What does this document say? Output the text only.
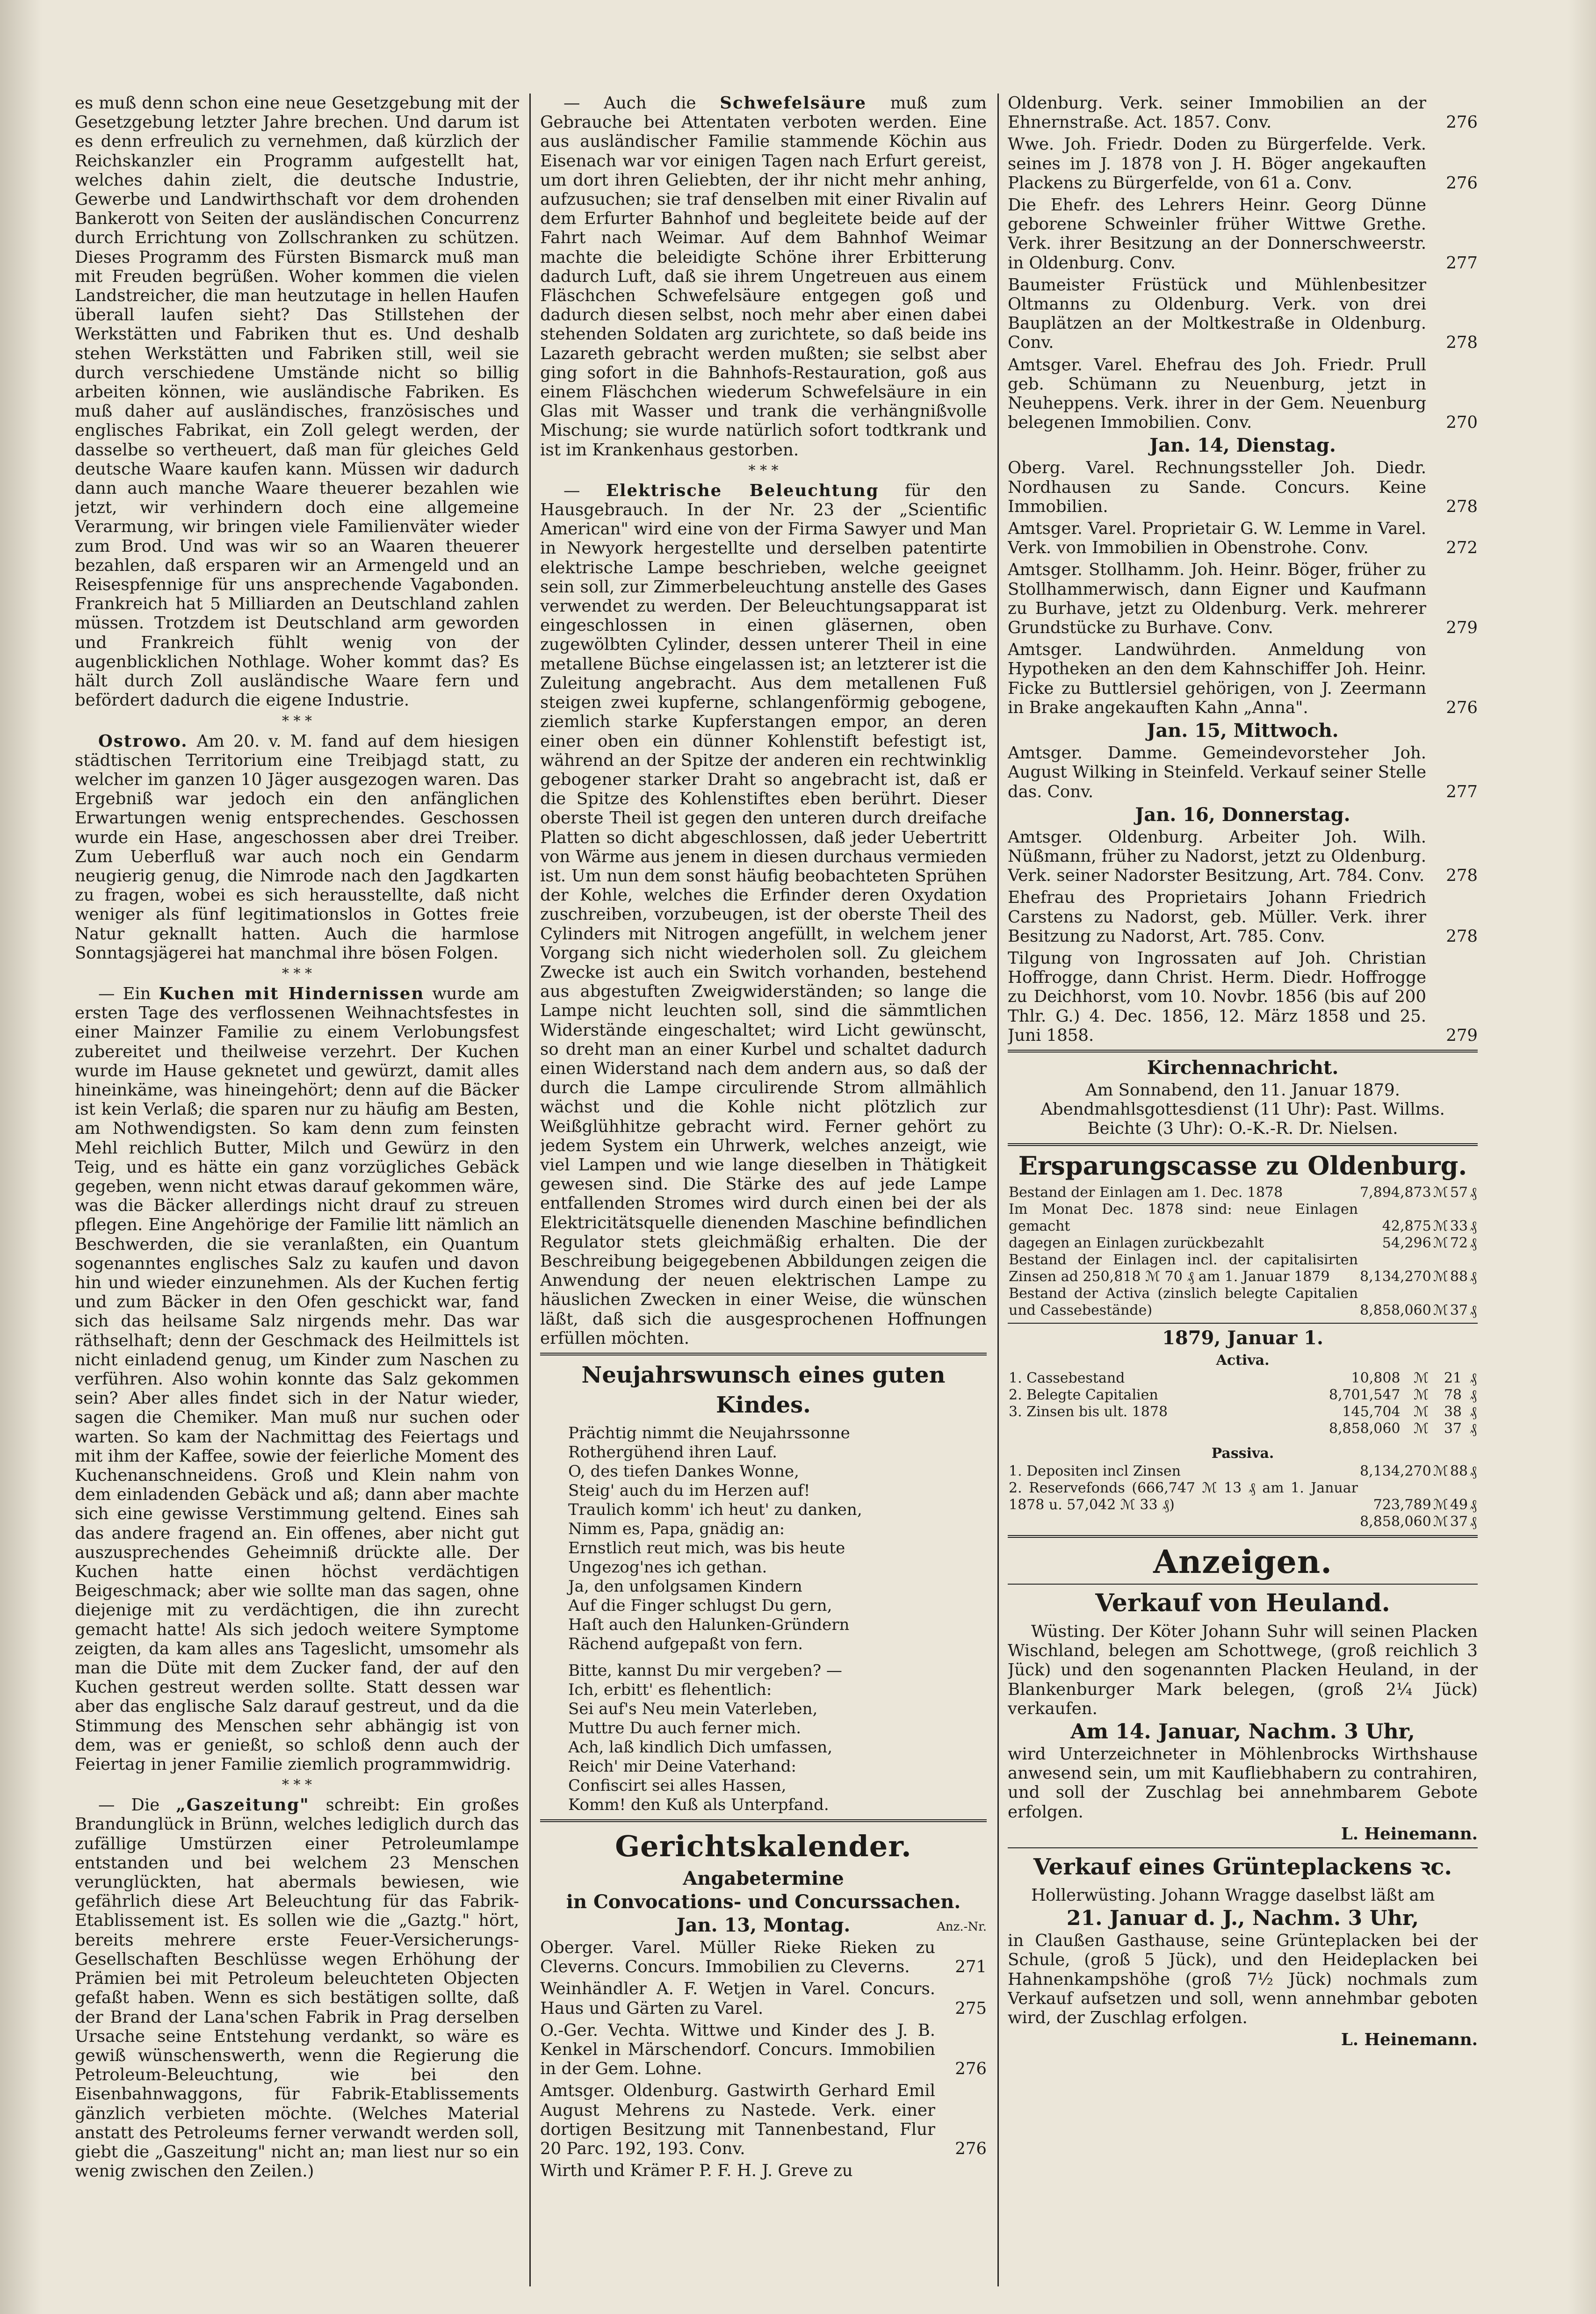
es muß denn schon eine neue Gesetzgebung mit der Gesetzgebung letzter Jahre brechen. Und darum ist es denn erfreulich zu vernehmen, daß kürzlich der Reichskanzler ein Programm aufgestellt hat, welches dahin zielt, die deutsche Industrie, Gewerbe und Landwirthschaft vor dem drohenden Bankerott von Seiten der ausländischen Concurrenz durch Errichtung von Zollschranken zu schützen. Dieses Programm des Fürsten Bismarck muß man mit Freuden begrüßen. Woher kommen die vielen Landstreicher, die man heutzutage in hellen Haufen überall laufen sieht? Das Stillstehen der Werkstätten und Fabriken thut es. Und deshalb stehen Werkstätten und Fabriken still, weil sie durch verschiedene Umstände nicht so billig arbeiten können, wie ausländische Fabriken. Es muß daher auf ausländisches, französisches und englisches Fabrikat, ein Zoll gelegt werden, der dasselbe so vertheuert, daß man für gleiches Geld deutsche Waare kaufen kann. Müssen wir dadurch dann auch manche Waare theuerer bezahlen wie jetzt, wir verhindern doch eine allgemeine Verarmung, wir bringen viele Familienväter wieder zum Brod. Und was wir so an Waaren theuerer bezahlen, daß ersparen wir an Armengeld und an Reisespfennige für uns ansprechende Vagabonden. Frankreich hat 5 Milliarden an Deutschland zahlen müssen. Trotzdem ist Deutschland arm geworden und Frankreich fühlt wenig von der augenblicklichen Nothlage. Woher kommt das? Es hält durch Zoll ausländische Waare fern und befördert dadurch die eigene Industrie.

* * *

Ostrowo. Am 20. v. M. fand auf dem hiesigen städtischen Territorium eine Treibjagd statt, zu welcher im ganzen 10 Jäger ausgezogen waren. Das Ergebniß war jedoch ein den anfänglichen Erwartungen wenig entsprechendes. Geschossen wurde ein Hase, angeschossen aber drei Treiber. Zum Ueberfluß war auch noch ein Gendarm neugierig genug, die Nimrode nach den Jagdkarten zu fragen, wobei es sich herausstellte, daß nicht weniger als fünf legitimationslos in Gottes freie Natur geknallt hatten. Auch die harmlose Sonntagsjägerei hat manchmal ihre bösen Folgen.

* * *

— Ein Kuchen mit Hindernissen wurde am ersten Tage des verflossenen Weihnachtsfestes in einer Mainzer Familie zu einem Verlobungsfest zubereitet und theilweise verzehrt. Der Kuchen wurde im Hause geknetet und gewürzt, damit alles hineinkäme, was hineingehört; denn auf die Bäcker ist kein Verlaß; die sparen nur zu häufig am Besten, am Nothwendigsten. So kam denn zum feinsten Mehl reichlich Butter, Milch und Gewürz in den Teig, und es hätte ein ganz vorzügliches Gebäck gegeben, wenn nicht etwas darauf gekommen wäre, was die Bäcker allerdings nicht drauf zu streuen pflegen. Eine Angehörige der Familie litt nämlich an Beschwerden, die sie veranlaßten, ein Quantum sogenanntes englisches Salz zu kaufen und davon hin und wieder einzunehmen. Als der Kuchen fertig und zum Bäcker in den Ofen geschickt war, fand sich das heilsame Salz nirgends mehr. Das war räthselhaft; denn der Geschmack des Heilmittels ist nicht einladend genug, um Kinder zum Naschen zu verführen. Also wohin konnte das Salz gekommen sein? Aber alles findet sich in der Natur wieder, sagen die Chemiker. Man muß nur suchen oder warten. So kam der Nachmittag des Feiertags und mit ihm der Kaffee, sowie der feierliche Moment des Kuchenanschneidens. Groß und Klein nahm von dem einladenden Gebäck und aß; dann aber machte sich eine gewisse Verstimmung geltend. Eines sah das andere fragend an. Ein offenes, aber nicht gut auszusprechendes Geheimniß drückte alle. Der Kuchen hatte einen höchst verdächtigen Beigeschmack; aber wie sollte man das sagen, ohne diejenige mit zu verdächtigen, die ihn zurecht gemacht hatte! Als sich jedoch weitere Symptome zeigten, da kam alles ans Tageslicht, umsomehr als man die Düte mit dem Zucker fand, der auf den Kuchen gestreut werden sollte. Statt dessen war aber das englische Salz darauf gestreut, und da die Stimmung des Menschen sehr abhängig ist von dem, was er genießt, so schloß denn auch der Feiertag in jener Familie ziemlich programmwidrig.

* * *

— Die „Gaszeitung" schreibt: Ein großes Brandunglück in Brünn, welches lediglich durch das zufällige Umstürzen einer Petroleumlampe entstanden und bei welchem 23 Menschen verunglückten, hat abermals bewiesen, wie gefährlich diese Art Beleuchtung für das Fabrik-Etablissement ist. Es sollen wie die „Gaztg." hört, bereits mehrere erste Feuer-Versicherungs-Gesellschaften Beschlüsse wegen Erhöhung der Prämien bei mit Petroleum beleuchteten Objecten gefaßt haben. Wenn es sich bestätigen sollte, daß der Brand der Lana'schen Fabrik in Prag derselben Ursache seine Entstehung verdankt, so wäre es gewiß wünschenswerth, wenn die Regierung die Petroleum-Beleuchtung, wie bei den Eisenbahnwaggons, für Fabrik-Etablissements gänzlich verbieten möchte. (Welches Material anstatt des Petroleums ferner verwandt werden soll, giebt die „Gaszeitung" nicht an; man liest nur so ein wenig zwischen den Zeilen.)

— Auch die Schwefelsäure muß zum Gebrauche bei Attentaten verboten werden. Eine aus ausländischer Familie stammende Köchin aus Eisenach war vor einigen Tagen nach Erfurt gereist, um dort ihren Geliebten, der ihr nicht mehr anhing, aufzusuchen; sie traf denselben mit einer Rivalin auf dem Erfurter Bahnhof und begleitete beide auf der Fahrt nach Weimar. Auf dem Bahnhof Weimar machte die beleidigte Schöne ihrer Erbitterung dadurch Luft, daß sie ihrem Ungetreuen aus einem Fläschchen Schwefelsäure entgegen goß und dadurch diesen selbst, noch mehr aber einen dabei stehenden Soldaten arg zurichtete, so daß beide ins Lazareth gebracht werden mußten; sie selbst aber ging sofort in die Bahnhofs-Restauration, goß aus einem Fläschchen wiederum Schwefelsäure in ein Glas mit Wasser und trank die verhängnißvolle Mischung; sie wurde natürlich sofort todtkrank und ist im Krankenhaus gestorben.

* * *

— Elektrische Beleuchtung für den Hausgebrauch. In der Nr. 23 der „Scientific American" wird eine von der Firma Sawyer und Man in Newyork hergestellte und derselben patentirte elektrische Lampe beschrieben, welche geeignet sein soll, zur Zimmerbeleuchtung anstelle des Gases verwendet zu werden. Der Beleuchtungsapparat ist eingeschlossen in einen gläsernen, oben zugewölbten Cylinder, dessen unterer Theil in eine metallene Büchse eingelassen ist; an letzterer ist die Zuleitung angebracht. Aus dem metallenen Fuß steigen zwei kupferne, schlangenförmig gebogene, ziemlich starke Kupferstangen empor, an deren einer oben ein dünner Kohlenstift befestigt ist, während an der Spitze der anderen ein rechtwinklig gebogener starker Draht so angebracht ist, daß er die Spitze des Kohlenstiftes eben berührt. Dieser oberste Theil ist gegen den unteren durch dreifache Platten so dicht abgeschlossen, daß jeder Uebertritt von Wärme aus jenem in diesen durchaus vermieden ist. Um nun dem sonst häufig beobachteten Sprühen der Kohle, welches die Erfinder deren Oxydation zuschreiben, vorzubeugen, ist der oberste Theil des Cylinders mit Nitrogen angefüllt, in welchem jener Vorgang sich nicht wiederholen soll. Zu gleichem Zwecke ist auch ein Switch vorhanden, bestehend aus abgestuften Zweigwiderständen; so lange die Lampe nicht leuchten soll, sind die sämmtlichen Widerstände eingeschaltet; wird Licht gewünscht, so dreht man an einer Kurbel und schaltet dadurch einen Widerstand nach dem andern aus, so daß der durch die Lampe circulirende Strom allmählich wächst und die Kohle nicht plötzlich zur Weißglühhitze gebracht wird. Ferner gehört zu jedem System ein Uhrwerk, welches anzeigt, wie viel Lampen und wie lange dieselben in Thätigkeit gewesen sind. Die Stärke des auf jede Lampe entfallenden Stromes wird durch einen bei der als Elektricitätsquelle dienenden Maschine befindlichen Regulator stets gleichmäßig erhalten. Die der Beschreibung beigegebenen Abbildungen zeigen die Anwendung der neuen elektrischen Lampe zu häuslichen Zwecken in einer Weise, die wünschen läßt, daß sich die ausgesprochenen Hoffnungen erfüllen möchten.

Neujahrswunsch eines guten Kindes.

Prächtig nimmt die Neujahrssonne

Rothergühend ihren Lauf.

O, des tiefen Dankes Wonne,

Steig' auch du im Herzen auf!

Traulich komm' ich heut' zu danken,

Nimm es, Papa, gnädig an:

Ernstlich reut mich, was bis heute

Ungezog'nes ich gethan.

Ja, den unfolgsamen Kindern

Auf die Finger schlugst Du gern,

Haſt auch den Halunken-Gründern

Rächend aufgepaßt von fern.

Bitte, kannst Du mir vergeben? —

Ich, erbitt' es flehentlich:

Sei auf's Neu mein Vaterleben,

Muttre Du auch ferner mich.

Ach, laß kindlich Dich umfassen,

Reich' mir Deine Vaterhand:

Confiscirt sei alles Hassen,

Komm! den Kuß als Unterpfand.

Gerichtskalender.
Angabetermine
in Convocations- und Concurssachen.
Jan. 13, Montag.	Anz.-Nr.

Oberger. Varel. Müller Rieke Rieken zu Cleverns. Concurs. Immobilien zu Cleverns.	271

Weinhändler A. F. Wetjen in Varel. Concurs. Haus und Gärten zu Varel.	275

O.-Ger. Vechta. Wittwe und Kinder des J. B. Kenkel in Märschendorf. Concurs. Immobilien in der Gem. Lohne.	276

Amtsger. Oldenburg. Gastwirth Gerhard Emil August Mehrens zu Nastede. Verk. einer dortigen Besitzung mit Tannenbestand, Flur 20 Parc. 192, 193. Conv.	276

Wirth und Krämer P. F. H. J. Greve zu

Oldenburg. Verk. seiner Immobilien an der Ehnernstraße. Act. 1857. Conv.	276

Wwe. Joh. Friedr. Doden zu Bürgerfelde. Verk. seines im J. 1878 von J. H. Böger angekauften Plackens zu Bürgerfelde, von 61 a. Conv.	276

Die Ehefr. des Lehrers Heinr. Georg Dünne geborene Schweinler früher Wittwe Grethe. Verk. ihrer Besitzung an der Donnerschweerstr. in Oldenburg. Conv.	277

Baumeister Früstück und Mühlenbesitzer Oltmanns zu Oldenburg. Verk. von drei Bauplätzen an der Moltkestraße in Oldenburg. Conv.	278

Amtsger. Varel. Ehefrau des Joh. Friedr. Prull geb. Schümann zu Neuenburg, jetzt in Neuheppens. Verk. ihrer in der Gem. Neuenburg belegenen Immobilien. Conv.	270

Jan. 14, Dienstag.

Oberg. Varel. Rechnungssteller Joh. Diedr. Nordhausen zu Sande. Concurs. Keine Immobilien.	278

Amtsger. Varel. Proprietair G. W. Lemme in Varel. Verk. von Immobilien in Obenstrohe. Conv.	272

Amtsger. Stollhamm. Joh. Heinr. Böger, früher zu Stollhammerwisch, dann Eigner und Kaufmann zu Burhave, jetzt zu Oldenburg. Verk. mehrerer Grundstücke zu Burhave. Conv.	279

Amtsger. Landwührden. Anmeldung von Hypotheken an den dem Kahnschiffer Joh. Heinr. Ficke zu Buttlersiel gehörigen, von J. Zeermann in Brake angekauften Kahn „Anna".	276

Jan. 15, Mittwoch.

Amtsger. Damme. Gemeindevorsteher Joh. August Wilking in Steinfeld. Verkauf seiner Stelle das. Conv.	277

Jan. 16, Donnerstag.

Amtsger. Oldenburg. Arbeiter Joh. Wilh. Nüßmann, früher zu Nadorst, jetzt zu Oldenburg. Verk. seiner Nadorster Besitzung, Art. 784. Conv. 278

Ehefrau des Proprietairs Johann Friedrich Carstens zu Nadorst, geb. Müller. Verk. ihrer Besitzung zu Nadorst, Art. 785. Conv.	278

Tilgung von Ingrossaten auf Joh. Christian Hoffrogge, dann Christ. Herm. Diedr. Hoffrogge zu Deichhorst, vom 10. Novbr. 1856 (bis auf 200 Thlr. G.) 4. Dec. 1856, 12. März 1858 und 25. Juni 1858.	279

Kirchennachricht.
Am Sonnabend, den 11. Januar 1879.
Abendmahlsgottesdienst (11 Uhr): Past. Willms.
Beichte (3 Uhr): O.-K.-R. Dr. Nielsen.
Ersparungscasse zu Oldenburg.
Bestand der Einlagen am 1. Dec. 1878	7,894,873	ℳ	57	₰
Im Monat Dec. 1878 sind: neue Einlagen gemacht	42,875	ℳ	33	₰
dagegen an Einlagen zurückbezahlt	54,296	ℳ	72	₰
Bestand der Einlagen incl. der capitalisirten Zinsen ad 250,818 ℳ 70 ₰ am 1. Januar 1879	8,134,270	ℳ	88	₰
Bestand der Activa (zinslich belegte Capitalien und Cassebestände)	8,858,060	ℳ	37	₰
1879, Januar 1.
Activa.
1. Cassebestand	10,808	ℳ	21	₰
2. Belegte Capitalien	8,701,547	ℳ	78	₰
3. Zinsen bis ult. 1878	145,704	ℳ	38	₰
	8,858,060	ℳ	37	₰
Passiva.
1. Depositen incl Zinsen	8,134,270	ℳ	88	₰
2. Reservefonds (666,747 ℳ 13 ₰ am 1. Januar 1878 u. 57,042 ℳ 33 ₰)	723,789	ℳ	49	₰
	8,858,060	ℳ	37	₰
Anzeigen.
Verkauf von Heuland.

Wüsting. Der Köter Johann Suhr will seinen Placken Wischland, belegen am Schottwege, (groß reichlich 3 Jück) und den sogenannten Placken Heuland, in der Blankenburger Mark belegen, (groß 2¼ Jück) verkaufen.

Am 14. Januar, Nachm. 3 Uhr,

wird Unterzeichneter in Möhlenbrocks Wirthshause anwesend sein, um mit Kaufliebhabern zu contrahiren, und soll der Zuschlag bei annehmbarem Gebote erfolgen.

L. Heinemann.

Verkauf eines Grünteplackens ꝛc.

Hollerwüsting. Johann Wragge daselbst läßt am

21. Januar d. J., Nachm. 3 Uhr,

in Claußen Gasthause, seine Grünteplacken bei der Schule, (groß 5 Jück), und den Heideplacken bei Hahnenkampshöhe (groß 7½ Jück) nochmals zum Verkauf aufsetzen und soll, wenn annehmbar geboten wird, der Zuschlag erfolgen.

L. Heinemann.
